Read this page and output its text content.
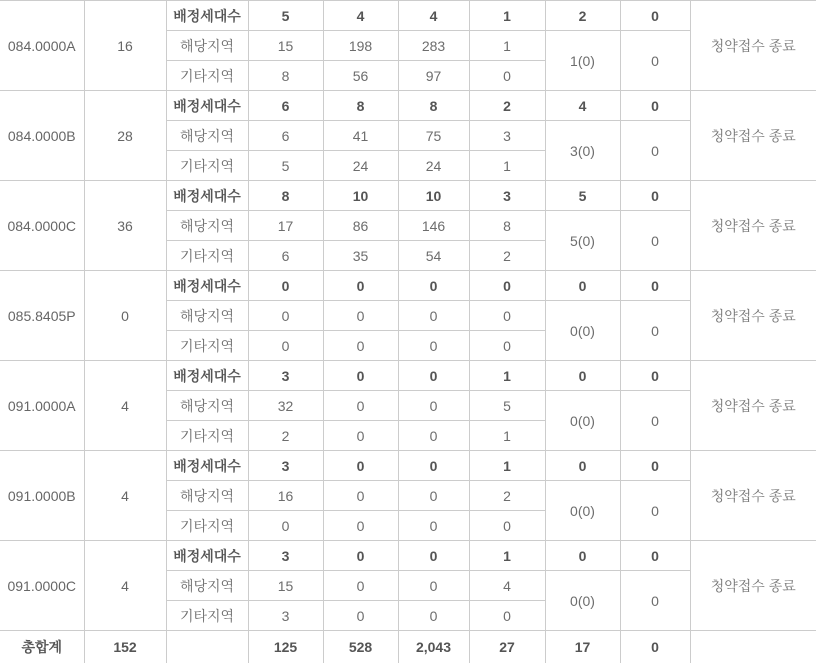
084.0000A	16	배정세대수	5	4	4	1	2	0	청약접수 종료
		해당지역	15	198	283	1	1(0)	0	
		기타지역	8	56	97	0			
084.0000B	28	배정세대수	6	8	8	2	4	0	청약접수 종료
		해당지역	6	41	75	3	3(0)	0	
		기타지역	5	24	24	1			
084.0000C	36	배정세대수	8	10	10	3	5	0	청약접수 종료
		해당지역	17	86	146	8	5(0)	0	
		기타지역	6	35	54	2			
085.8405P	0	배정세대수	0	0	0	0	0	0	청약접수 종료
		해당지역	0	0	0	0	0(0)	0	
		기타지역	0	0	0	0			
091.0000A	4	배정세대수	3	0	0	1	0	0	청약접수 종료
		해당지역	32	0	0	5	0(0)	0	
		기타지역	2	0	0	1			
091.0000B	4	배정세대수	3	0	0	1	0	0	청약접수 종료
		해당지역	16	0	0	2	0(0)	0	
		기타지역	0	0	0	0			
091.0000C	4	배정세대수	3	0	0	1	0	0	청약접수 종료
		해당지역	15	0	0	4	0(0)	0	
		기타지역	3	0	0	0			
총합계	152		125	528	2,043	27	17	0	
